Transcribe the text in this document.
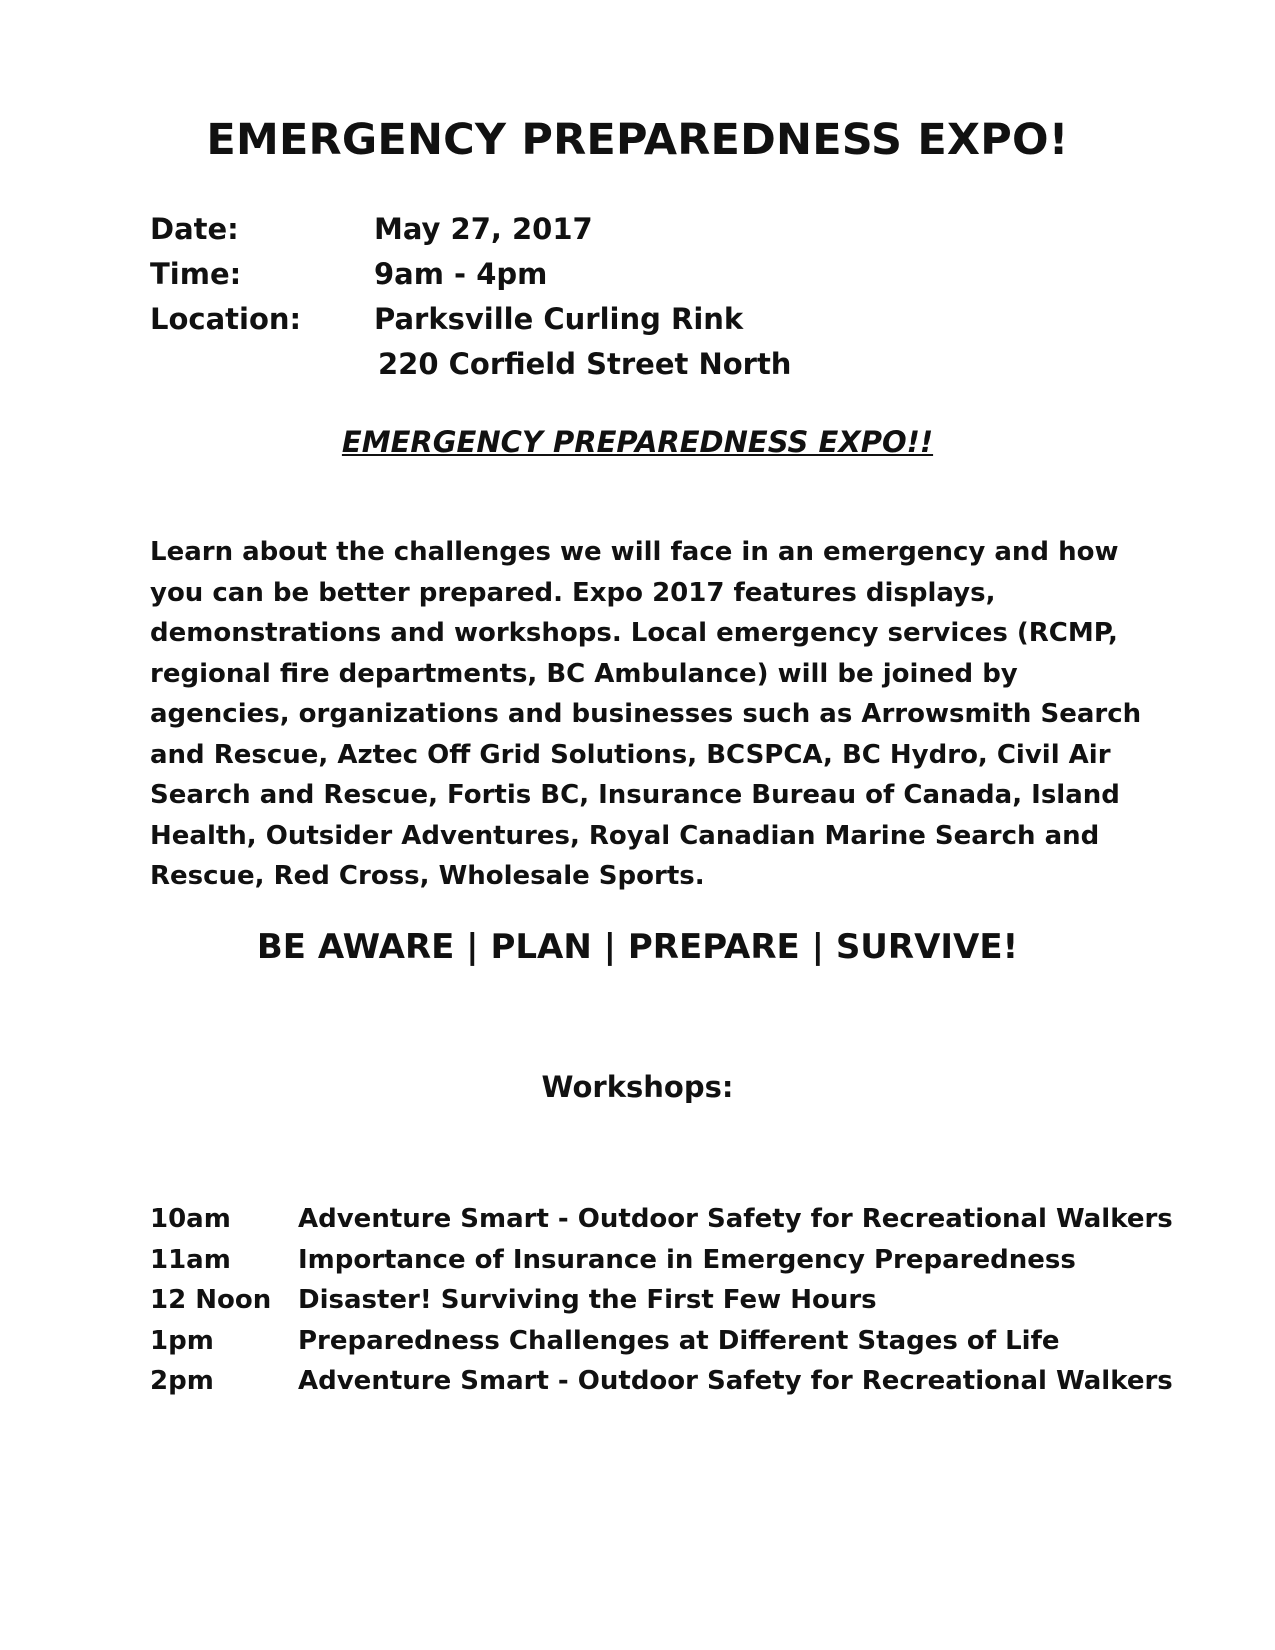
EMERGENCY PREPAREDNESS EXPO!
Date:	May 27, 2017
Time:	9am - 4pm
Location:	Parksville Curling Rink
220 Corfield Street North
EMERGENCY PREPAREDNESS EXPO!!
Learn about the challenges we will face in an emergency and how you can be better prepared. Expo 2017 features displays, demonstrations and workshops. Local emergency services (RCMP, regional fire departments, BC Ambulance) will be joined by agencies, organizations and businesses such as Arrowsmith Search and Rescue, Aztec Off Grid Solutions, BCSPCA, BC Hydro, Civil Air Search and Rescue, Fortis BC, Insurance Bureau of Canada, Island Health, Outsider Adventures, Royal Canadian Marine Search and Rescue, Red Cross, Wholesale Sports.
BE AWARE | PLAN | PREPARE | SURVIVE!
Workshops:
10am	Adventure Smart - Outdoor Safety for Recreational Walkers
11am	Importance of Insurance in Emergency Preparedness
12 Noon Disaster! Surviving the First Few Hours
1pm	Preparedness Challenges at Different Stages of Life
2pm	Adventure Smart - Outdoor Safety for Recreational Walkers
